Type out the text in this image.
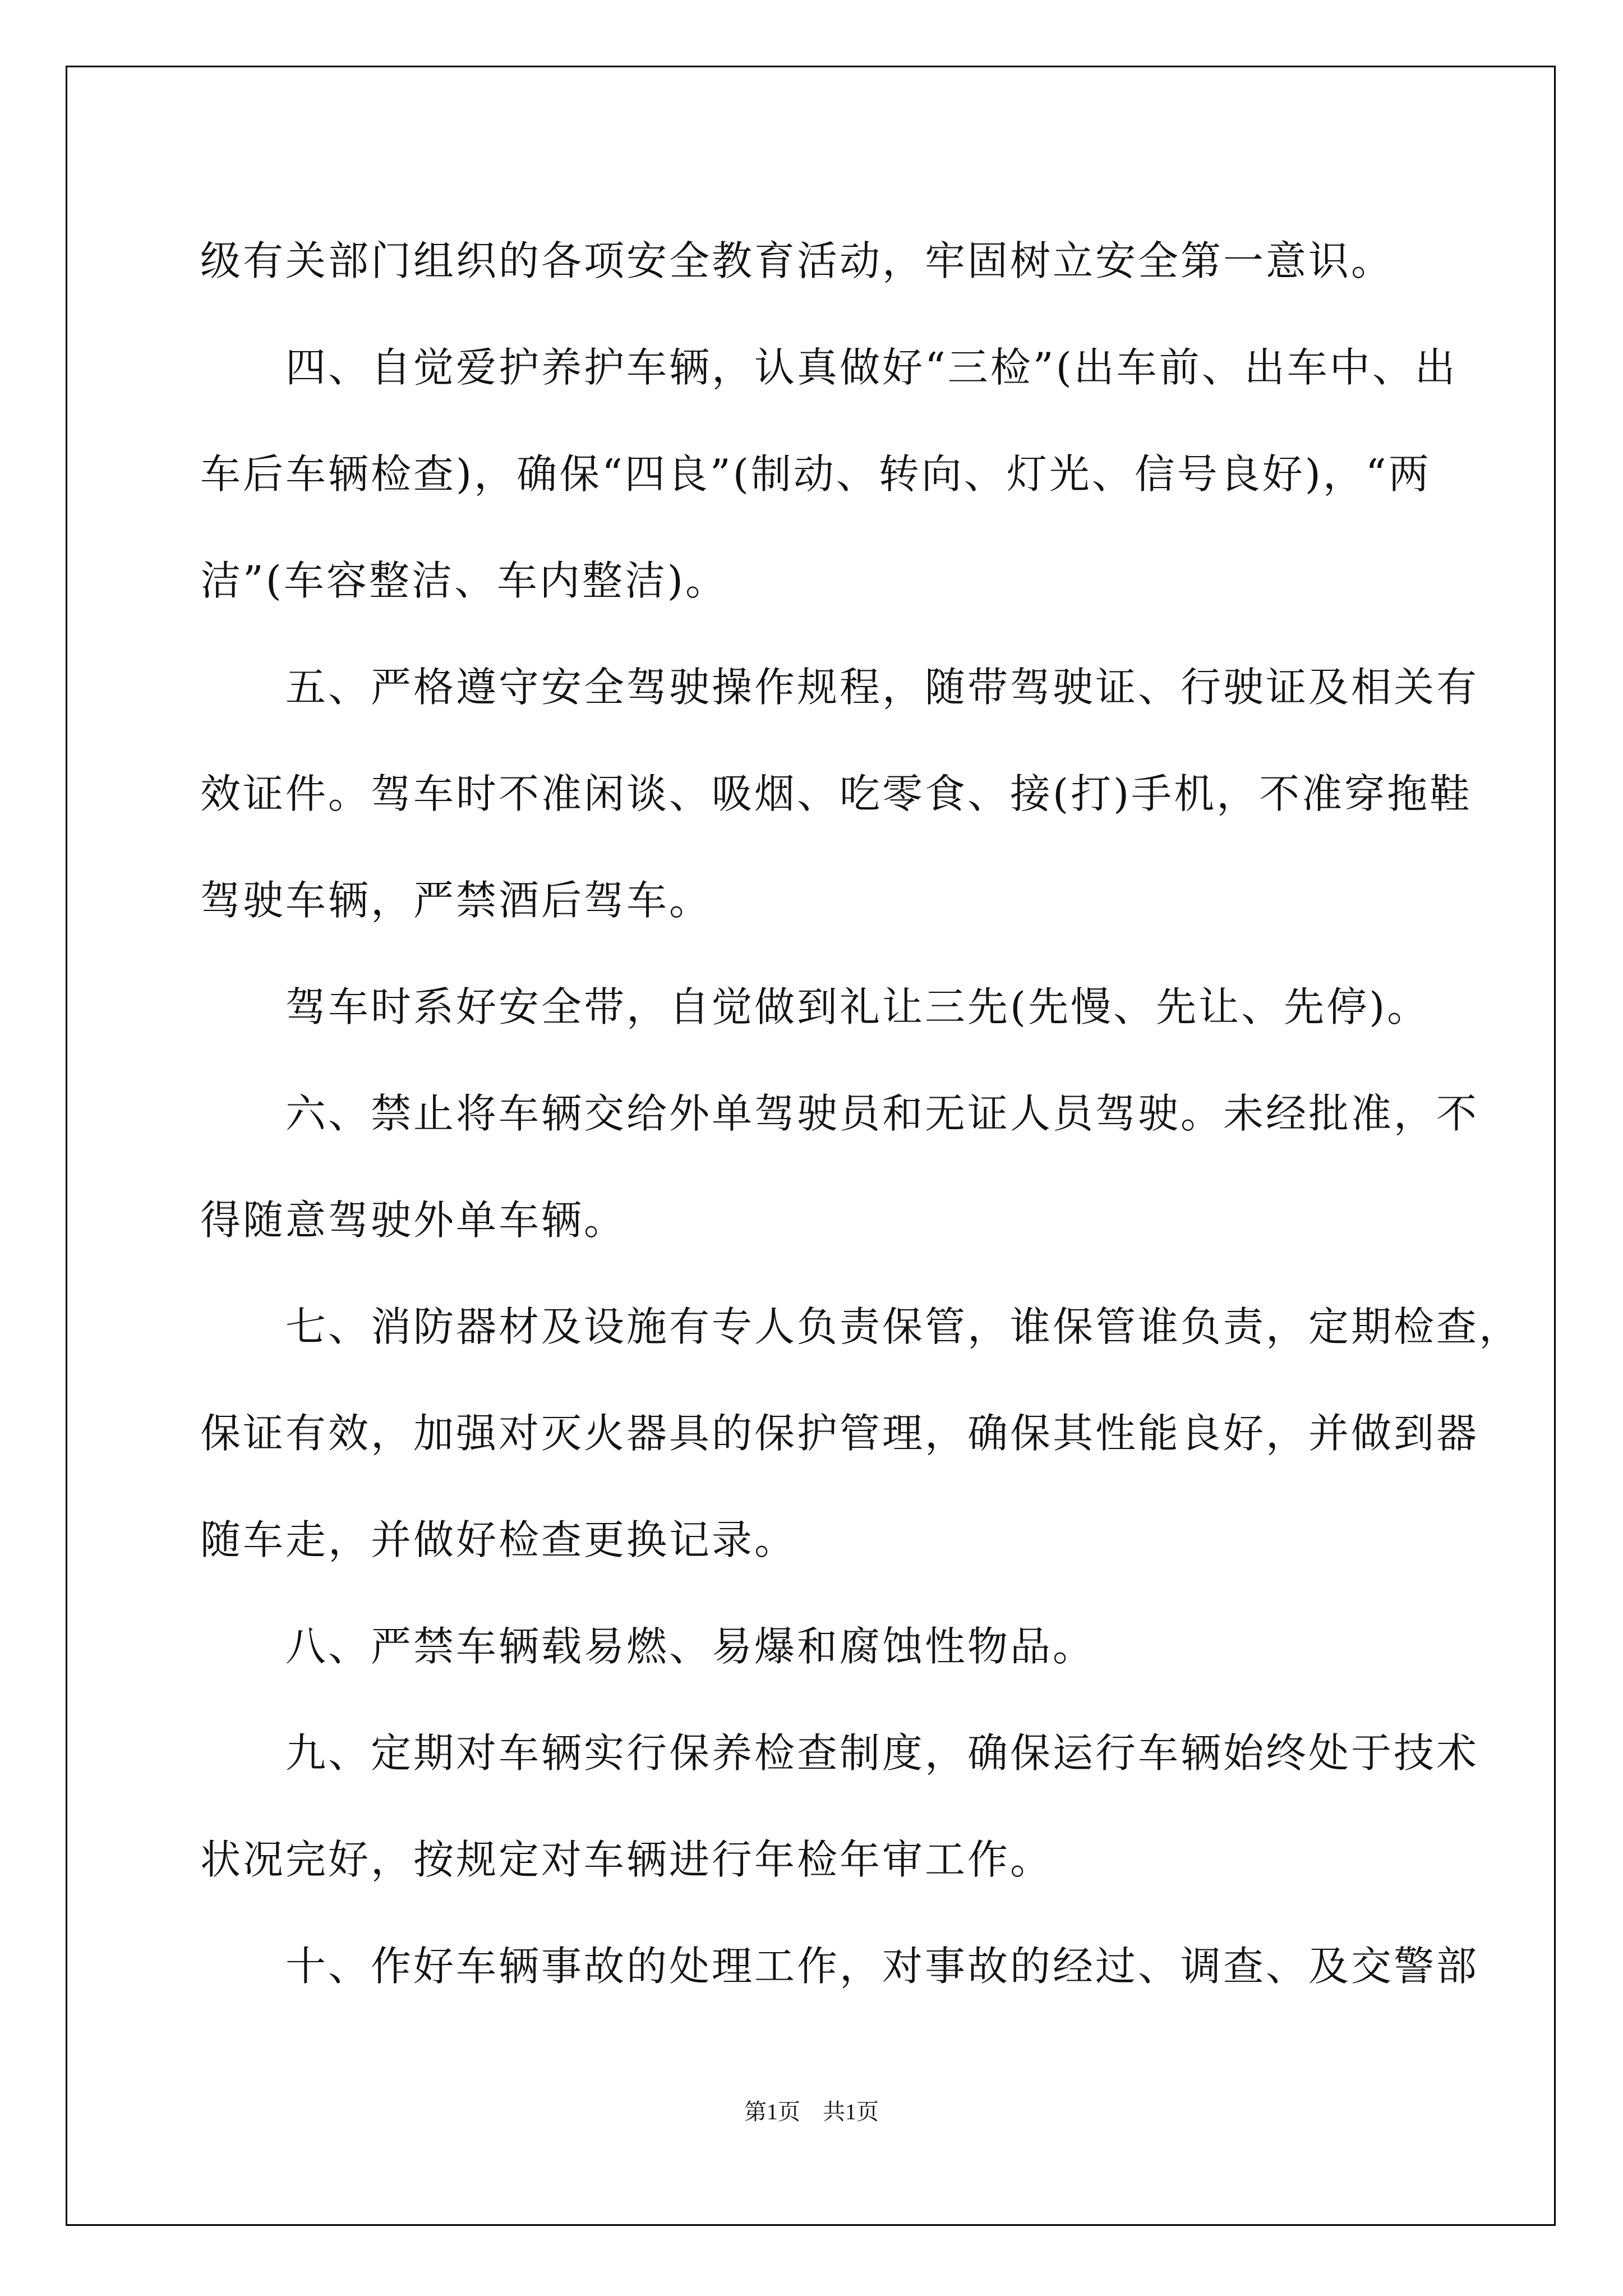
级有关部门组织的各项安全教育活动，牢固树立安全第一意识。
　　四、自觉爱护养护车辆，认真做好“三检”(出车前、出车中、出
车后车辆检查)，确保“四良”(制动、转向、灯光、信号良好)，“两
洁”(车容整洁、车内整洁)。
　　五、严格遵守安全驾驶操作规程，随带驾驶证、行驶证及相关有
效证件。驾车时不准闲谈、吸烟、吃零食、接(打)手机，不准穿拖鞋
驾驶车辆，严禁酒后驾车。
　　驾车时系好安全带，自觉做到礼让三先(先慢、先让、先停)。
　　六、禁止将车辆交给外单驾驶员和无证人员驾驶。未经批准，不
得随意驾驶外单车辆。
　　七、消防器材及设施有专人负责保管，谁保管谁负责，定期检查，
保证有效，加强对灭火器具的保护管理，确保其性能良好，并做到器
随车走，并做好检查更换记录。
　　八、严禁车辆载易燃、易爆和腐蚀性物品。
　　九、定期对车辆实行保养检查制度，确保运行车辆始终处于技术
状况完好，按规定对车辆进行年检年审工作。
　　十、作好车辆事故的处理工作，对事故的经过、调查、及交警部
第1页　共1页
